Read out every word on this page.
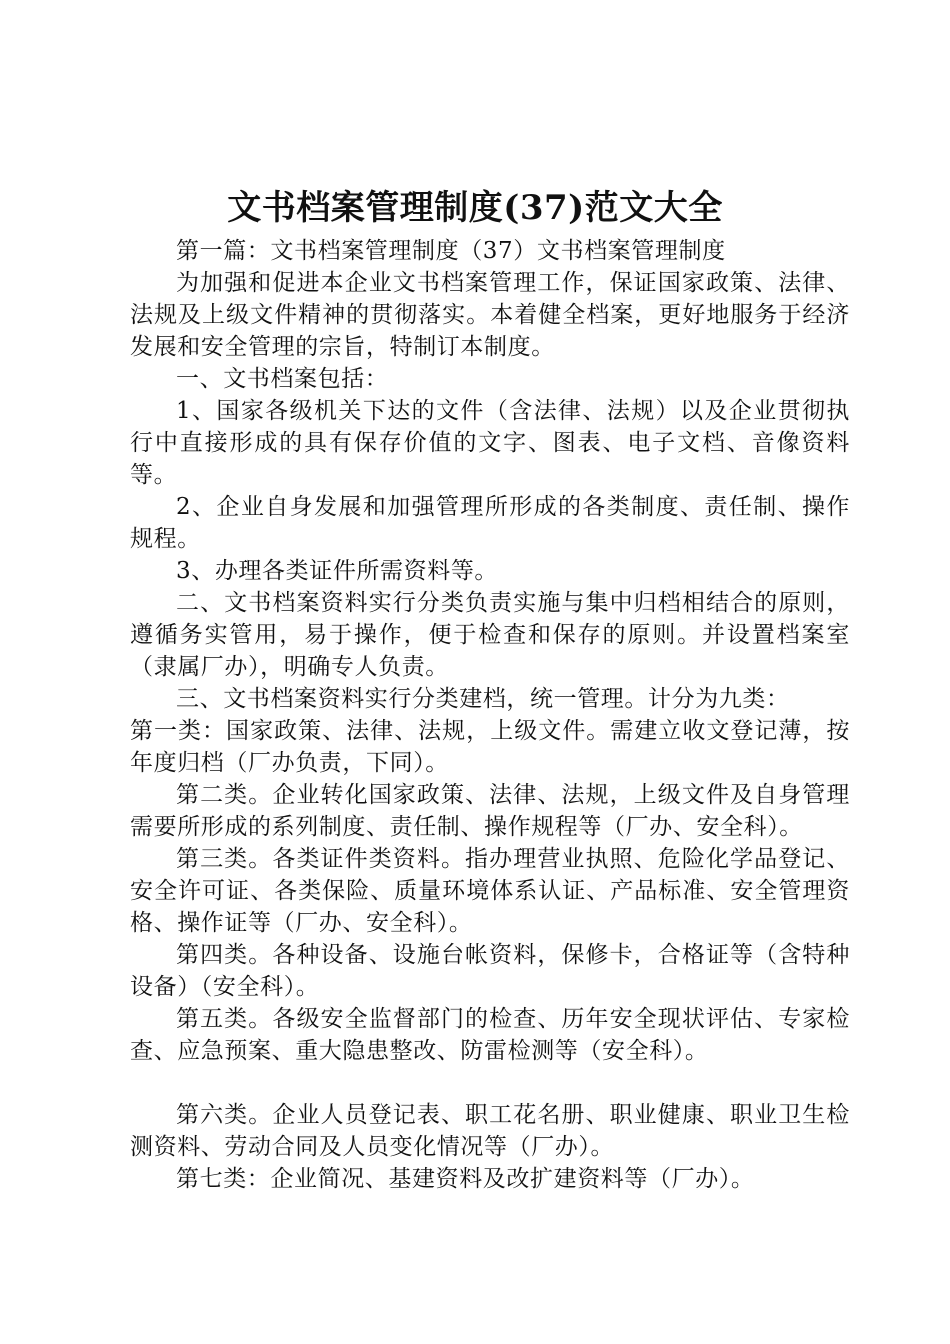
文书档案管理制度(37)范文大全

第一篇：文书档案管理制度（37）文书档案管理制度

为加强和促进本企业文书档案管理工作，保证国家政策、法律、法规及上级文件精神的贯彻落实。本着健全档案，更好地服务于经济发展和安全管理的宗旨，特制订本制度。

一、文书档案包括：

1、国家各级机关下达的文件（含法律、法规）以及企业贯彻执行中直接形成的具有保存价值的文字、图表、电子文档、音像资料等。

2、企业自身发展和加强管理所形成的各类制度、责任制、操作规程。

3、办理各类证件所需资料等。

二、文书档案资料实行分类负责实施与集中归档相结合的原则，遵循务实管用，易于操作，便于检查和保存的原则。并设置档案室（隶属厂办），明确专人负责。

三、文书档案资料实行分类建档，统一管理。计分为九类：

第一类：国家政策、法律、法规，上级文件。需建立收文登记薄，按年度归档（厂办负责，下同）。

第二类。企业转化国家政策、法律、法规，上级文件及自身管理需要所形成的系列制度、责任制、操作规程等（厂办、安全科）。

第三类。各类证件类资料。指办理营业执照、危险化学品登记、安全许可证、各类保险、质量环境体系认证、产品标准、安全管理资格、操作证等（厂办、安全科）。

第四类。各种设备、设施台帐资料，保修卡，合格证等（含特种设备）（安全科）。

第五类。各级安全监督部门的检查、历年安全现状评估、专家检查、应急预案、重大隐患整改、防雷检测等（安全科）。

第六类。企业人员登记表、职工花名册、职业健康、职业卫生检测资料、劳动合同及人员变化情况等（厂办）。

第七类：企业简况、基建资料及改扩建资料等（厂办）。
